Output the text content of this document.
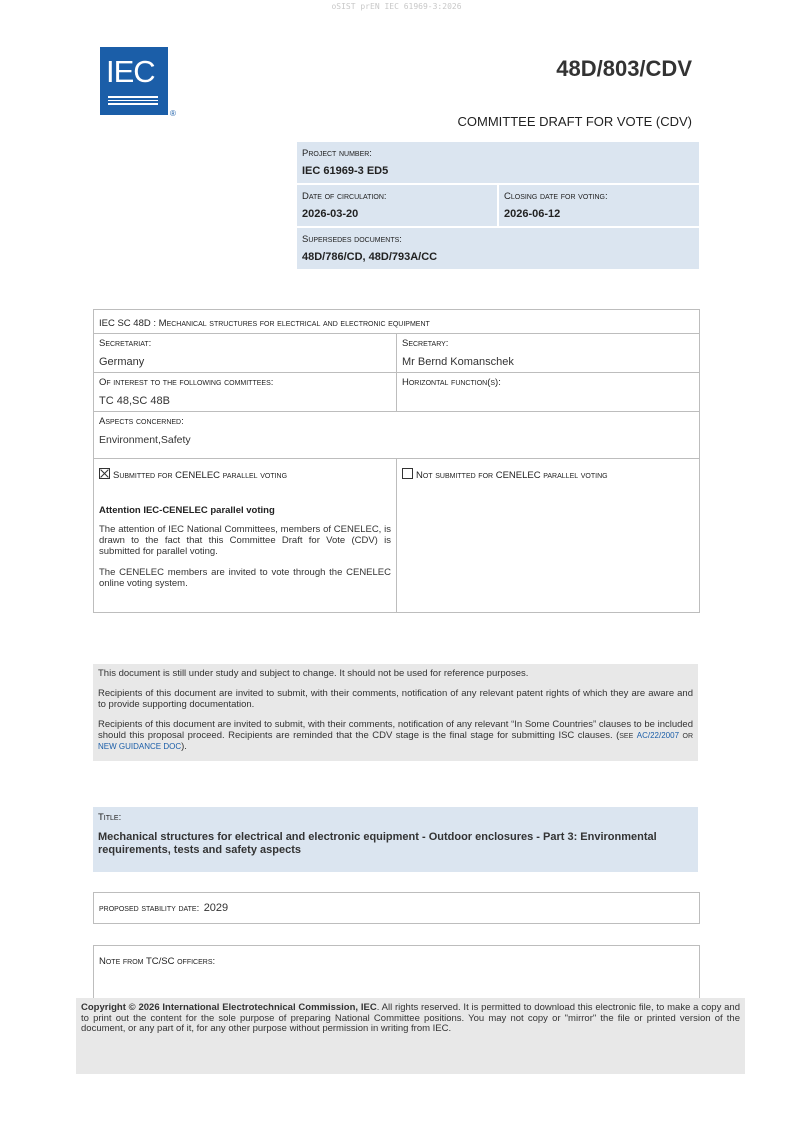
oSIST prEN IEC 61969-3:2026
IEC
®
48D/803/CDV
COMMITTEE DRAFT FOR VOTE (CDV)
Project number:
IEC 61969-3 ED5
Date of circulation:
2026-03-20
Closing date for voting:
2026-06-12
Supersedes documents:
48D/786/CD, 48D/793A/CC
IEC SC 48D : Mechanical structures for electrical and electronic equipment
Secretariat:
Germany
Secretary:
Mr Bernd Komanschek
Of interest to the following committees:
TC 48,SC 48B
Horizontal function(s):
Aspects concerned:
Environment,Safety
Submitted for CENELEC parallel voting
Attention IEC-CENELEC parallel voting
The attention of IEC National Committees, members of CENELEC, is drawn to the fact that this Committee Draft for Vote (CDV) is submitted for parallel voting.
The CENELEC members are invited to vote through the CENELEC online voting system.
Not submitted for CENELEC parallel voting

This document is still under study and subject to change. It should not be used for reference purposes.

Recipients of this document are invited to submit, with their comments, notification of any relevant patent rights of which they are aware and to provide supporting documentation.

Recipients of this document are invited to submit, with their comments, notification of any relevant “In Some Countries” clauses to be included should this proposal proceed. Recipients are reminded that the CDV stage is the final stage for submitting ISC clauses. (see AC/22/2007 or NEW GUIDANCE DOC).

Title:
Mechanical structures for electrical and electronic equipment - Outdoor enclosures - Part 3: Environmental requirements, tests and safety aspects
proposed stability date: 2029
Note from TC/SC officers:
Copyright © 2026 International Electrotechnical Commission, IEC. All rights reserved. It is permitted to download this electronic file, to make a copy and to print out the content for the sole purpose of preparing National Committee positions. You may not copy or "mirror" the file or printed version of the document, or any part of it, for any other purpose without permission in writing from IEC.
